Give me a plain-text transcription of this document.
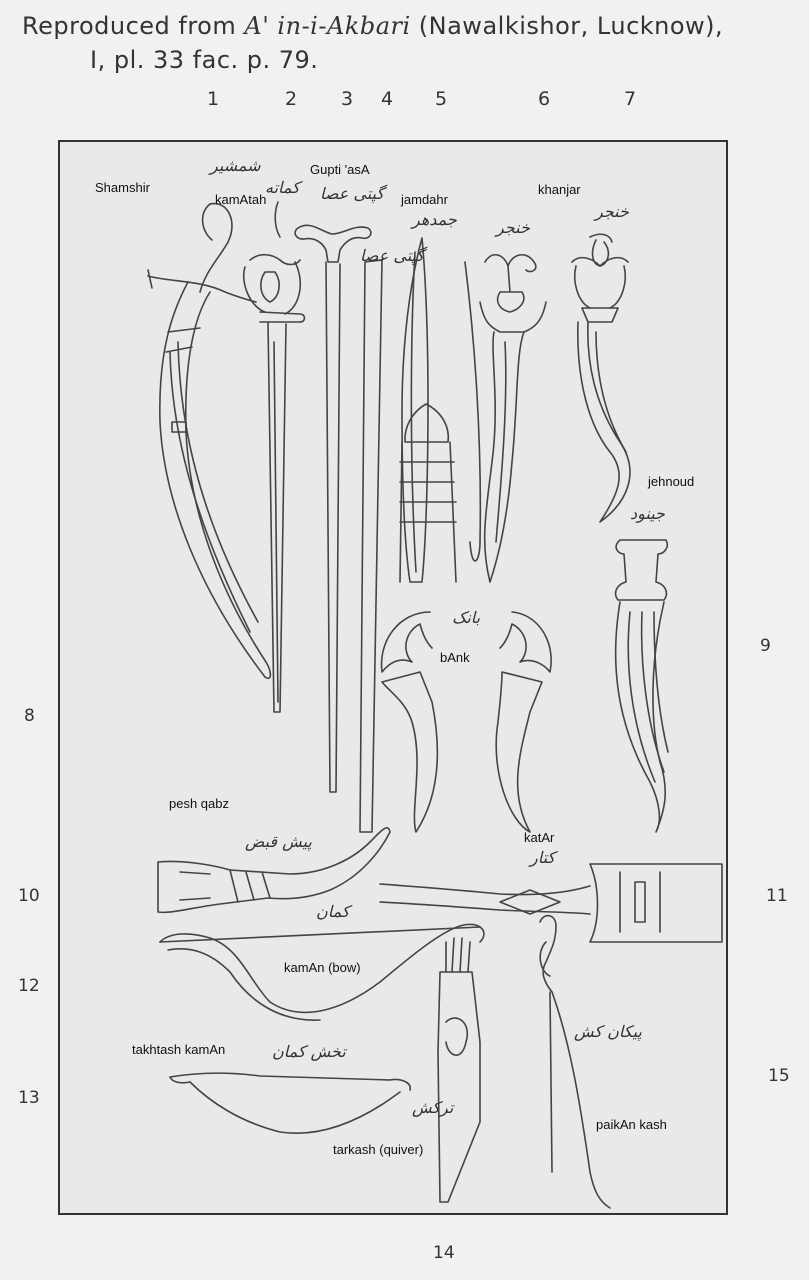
Reproduced from A' in-i-Akbari (Nawalkishor, Lucknow),
I, pl. 33 fac. p. 79.
1	2 3 4 5	6	7
8
9
10	11
12
13
15
Shamshir
kamAtah
Gupti 'asA
jamdahr
khanjar
jehnoud
bAnk
pesh qabz
katAr
kamAn (bow)
takhtash kamAn
tarkash (quiver)
paikAn kash
شمشیر
کماته گپتی عصا
گپتی عصا
جمدهر خنجر
خنجر
جینود
بانک
پیش قبض
کتار
کمان
تخش کمان
ترکش
پیکان کش
14
